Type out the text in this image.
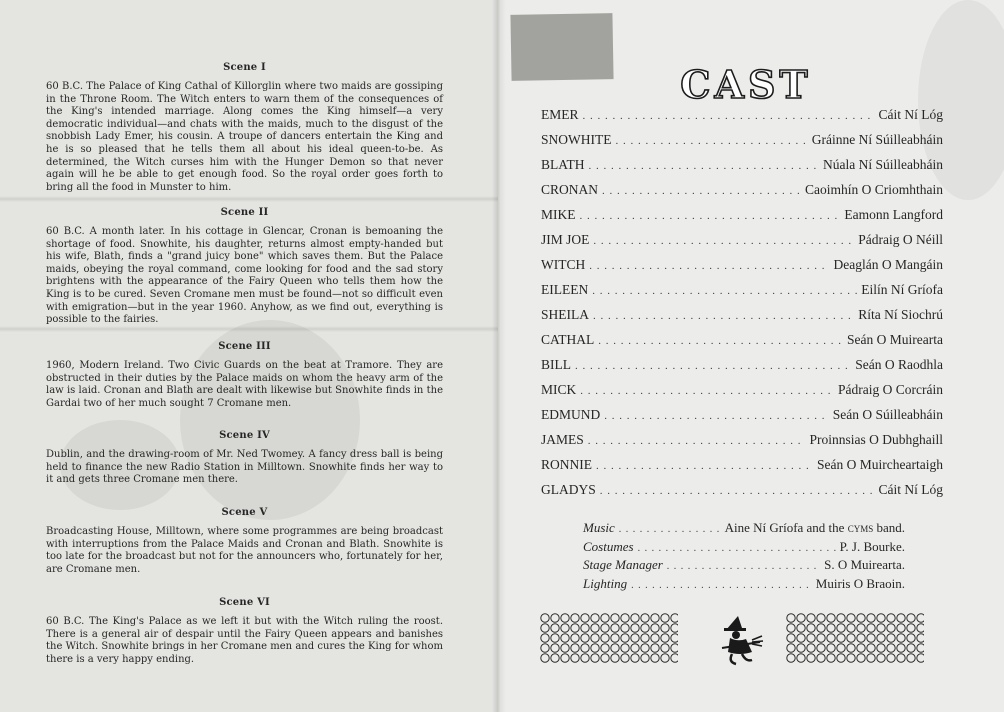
Scene I

60 B.C. The Palace of King Cathal of Killorglin where two maids are gossiping in the Throne Room. The Witch enters to warn them of the consequences of the King's intended marriage. Along comes the King himself—a very democratic individual—and chats with the maids, much to the disgust of the snobbish Lady Emer, his cousin. A troupe of dancers entertain the King and he is so pleased that he tells them all about his ideal queen-to-be. As determined, the Witch curses him with the Hunger Demon so that never again will he be able to get enough food. So the royal order goes forth to bring all the food in Munster to him.

Scene II

60 B.C. A month later. In his cottage in Glencar, Cronan is bemoaning the shortage of food. Snowhite, his daughter, returns almost empty-handed but his wife, Blath, finds a "grand juicy bone" which saves them. But the Palace maids, obeying the royal command, come looking for food and the sad story brightens with the appearance of the Fairy Queen who tells them how the King is to be cured. Seven Cromane men must be found—not so difficult even with emigration—but in the year 1960. Anyhow, as we find out, everything is possible to the fairies.

Scene III

1960, Modern Ireland. Two Civic Guards on the beat at Tramore. They are obstructed in their duties by the Palace maids on whom the heavy arm of the law is laid. Cronan and Blath are dealt with likewise but Snowhite finds in the Gardai two of her much sought 7 Cromane men.

Scene IV

Dublin, and the drawing-room of Mr. Ned Twomey. A fancy dress ball is being held to finance the new Radio Station in Milltown. Snowhite finds her way to it and gets three Cromane men there.

Scene V

Broadcasting House, Milltown, where some programmes are being broadcast with interruptions from the Palace Maids and Cronan and Blath. Snowhite is too late for the broadcast but not for the announcers who, fortunately for her, are Cromane men.

Scene VI

60 B.C. The King's Palace as we left it but with the Witch ruling the roost. There is a general air of despair until the Fairy Queen appears and banishes the Witch. Snowhite brings in her Cromane men and cures the King for whom there is a very happy ending.

CAST
EMER . . .	Cáit Ní Lóg
SNOWHITE . . .	Gráinne Ní Súilleabháin
BLATH . . .	Núala Ní Súilleabháin
CRONAN . . .	Caoimhín O Criomhthain
MIKE . . .	Eamonn Langford
JIM JOE . . .	Pádraig O Néill
WITCH . . .	Deaglán O Mangáin
EILEEN . . .	Eilín Ní Gríofa
SHEILA . . .	Ríta Ní Siochrú
CATHAL . . .	Seán O Muirearta
BILL . . .	Seán O Raodhla
MICK . . .	Pádraig O Corcráin
EDMUND . . .	Seán O Súilleabháin
JAMES . . .	Proinnsias O Dubhghaill
RONNIE . . .	Seán O Muircheartaigh
GLADYS . . .	Cáit Ní Lóg
Music . . .	Aine Ní Gríofa and the cyms band.
Costumes . . .	P. J. Bourke.
Stage Manager . . .	S. O Muirearta.
Lighting . . .	Muiris O Braoin.
